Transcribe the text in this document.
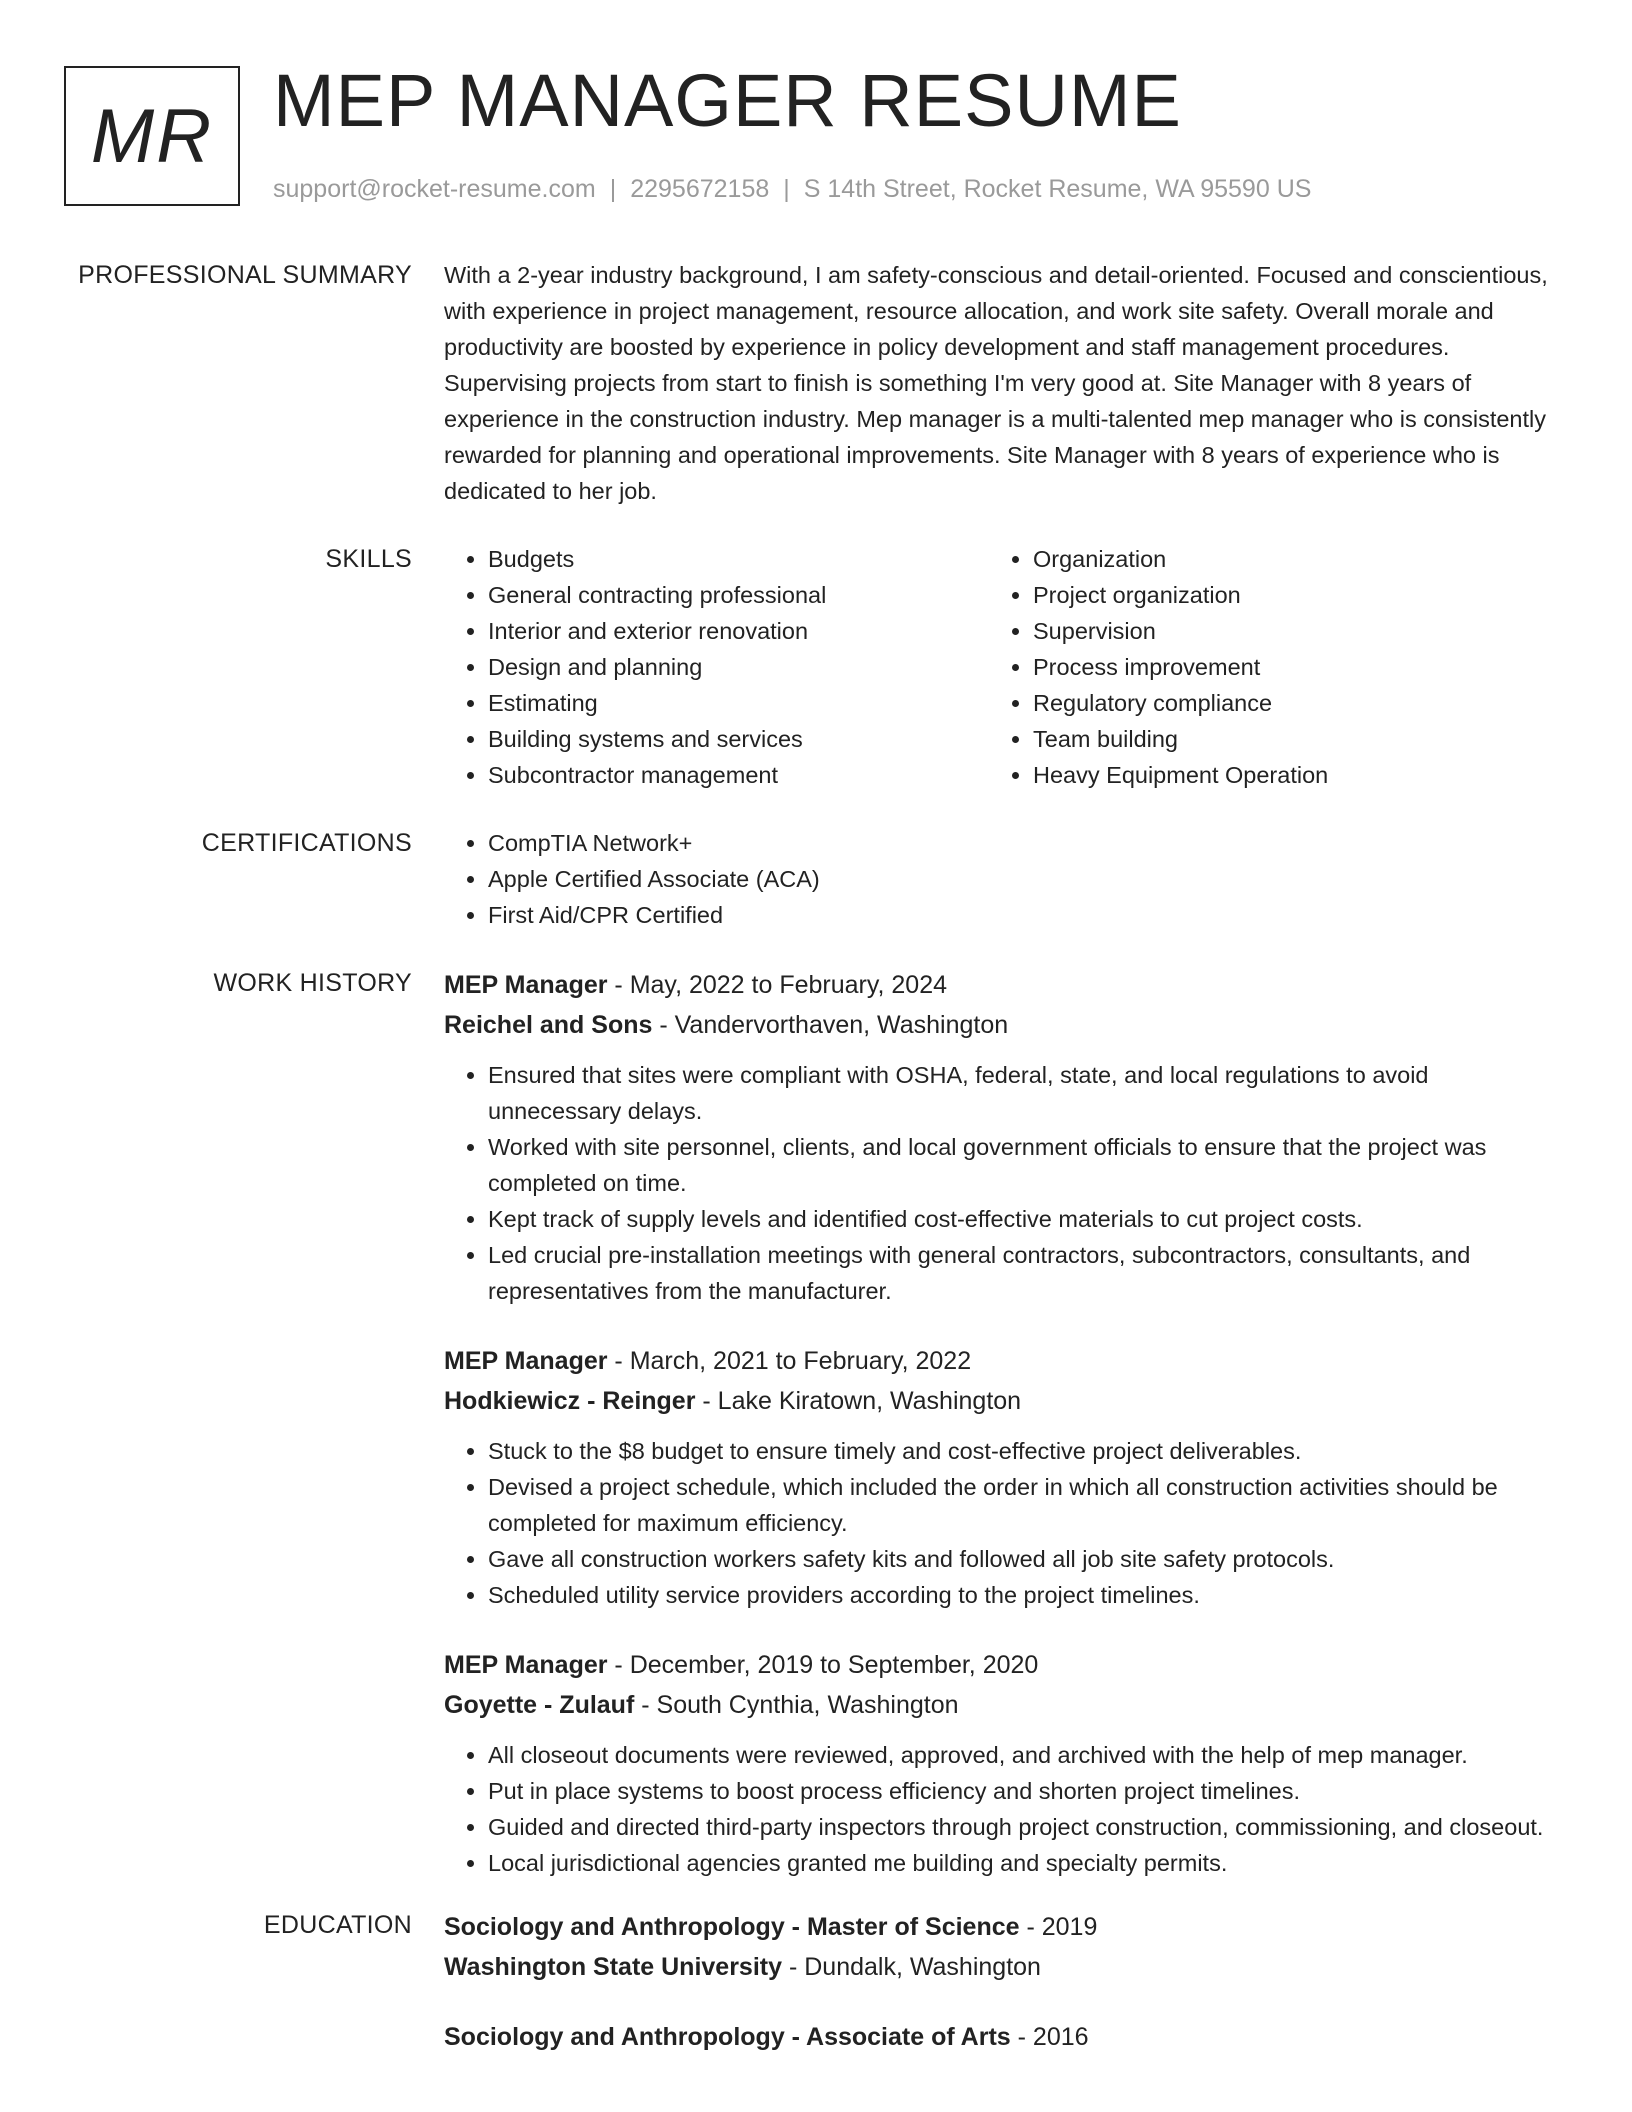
MR MEP MANAGER RESUME
support@rocket-resume.com | 2295672158 | S 14th Street, Rocket Resume, WA 95590 US
PROFESSIONAL SUMMARY With a 2-year industry background, I am safety-conscious and detail-oriented. Focused and conscientious, with experience in project management, resource allocation, and work site safety. Overall morale and productivity are boosted by experience in policy development and staff management procedures. Supervising projects from start to finish is something I'm very good at. Site Manager with 8 years of experience in the construction industry. Mep manager is a multi-talented mep manager who is consistently rewarded for planning and operational improvements. Site Manager with 8 years of experience who is dedicated to her job.

SKILLS	• Budgets
• General contracting professional
• Interior and exterior renovation
• Design and planning
• Estimating
• Building systems and services
• Subcontractor management
• Organization
• Project organization
• Supervision
• Process improvement
• Regulatory compliance
• Team building
• Heavy Equipment Operation
CERTIFICATIONS	• CompTIA Network+
• Apple Certified Associate (ACA)
• First Aid/CPR Certified
WORK HISTORY MEP Manager - May, 2022 to February, 2024
Reichel and Sons - Vandervorthaven, Washington
• Ensured that sites were compliant with OSHA, federal, state, and local regulations to avoid unnecessary delays.
• Worked with site personnel, clients, and local government officials to ensure that the project was completed on time.
• Kept track of supply levels and identified cost-effective materials to cut project costs.
• Led crucial pre-installation meetings with general contractors, subcontractors, consultants, and representatives from the manufacturer.
MEP Manager - March, 2021 to February, 2022
Hodkiewicz - Reinger - Lake Kiratown, Washington
• Stuck to the $8 budget to ensure timely and cost-effective project deliverables.
• Devised a project schedule, which included the order in which all construction activities should be completed for maximum efficiency.
• Gave all construction workers safety kits and followed all job site safety protocols.
• Scheduled utility service providers according to the project timelines.
MEP Manager - December, 2019 to September, 2020
Goyette - Zulauf - South Cynthia, Washington
• All closeout documents were reviewed, approved, and archived with the help of mep manager.
• Put in place systems to boost process efficiency and shorten project timelines.
• Guided and directed third-party inspectors through project construction, commissioning, and closeout.
• Local jurisdictional agencies granted me building and specialty permits.
EDUCATION Sociology and Anthropology - Master of Science - 2019
Washington State University - Dundalk, Washington
Sociology and Anthropology - Associate of Arts - 2016
